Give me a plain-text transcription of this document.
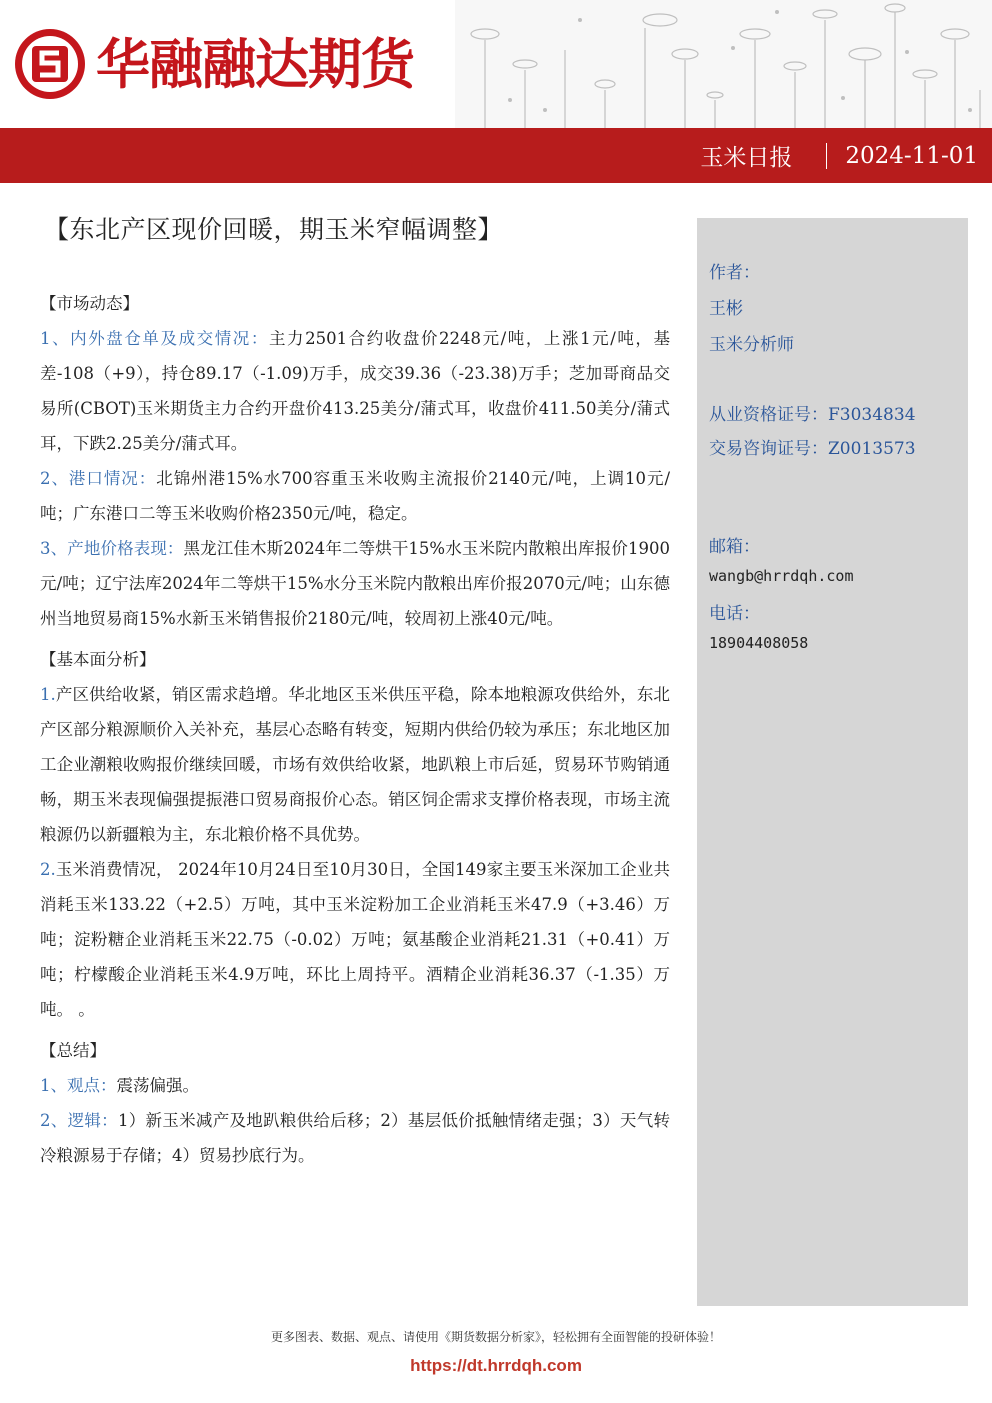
华融融达期货
玉米日报 2024-11-01
【东北产区现价回暖，期玉米窄幅调整】
【市场动态】

1、内外盘仓单及成交情况：主力2501合约收盘价2248元/吨，上涨1元/吨，基差-108（+9），持仓89.17（-1.09)万手，成交39.36（-23.38)万手；芝加哥商品交易所(CBOT)玉米期货主力合约开盘价413.25美分/蒲式耳，收盘价411.50美分/蒲式耳，下跌2.25美分/蒲式耳。

2、港口情况：北锦州港15%水700容重玉米收购主流报价2140元/吨，上调10元/吨；广东港口二等玉米收购价格2350元/吨，稳定。

3、产地价格表现：黑龙江佳木斯2024年二等烘干15%水玉米院内散粮出库报价1900元/吨；辽宁法库2024年二等烘干15%水分玉米院内散粮出库价报2070元/吨；山东德州当地贸易商15%水新玉米销售报价2180元/吨，较周初上涨40元/吨。

【基本面分析】

1.产区供给收紧，销区需求趋增。华北地区玉米供压平稳，除本地粮源攻供给外，东北产区部分粮源顺价入关补充，基层心态略有转变，短期内供给仍较为承压；东北地区加工企业潮粮收购报价继续回暖，市场有效供给收紧，地趴粮上市后延，贸易环节购销通畅，期玉米表现偏强提振港口贸易商报价心态。销区饲企需求支撑价格表现，市场主流粮源仍以新疆粮为主，东北粮价格不具优势。

2.玉米消费情况， 2024年10月24日至10月30日，全国149家主要玉米深加工企业共消耗玉米133.22（+2.5）万吨，其中玉米淀粉加工企业消耗玉米47.9（+3.46）万吨；淀粉糖企业消耗玉米22.75（-0.02）万吨；氨基酸企业消耗21.31（+0.41）万吨；柠檬酸企业消耗玉米4.9万吨，环比上周持平。酒精企业消耗36.37（-1.35）万吨。 。

【总结】

1、观点：震荡偏强。

2、逻辑：1）新玉米减产及地趴粮供给后移；2）基层低价抵触情绪走强；3）天气转冷粮源易于存储；4）贸易抄底行为。

作者：
王彬
玉米分析师
从业资格证号：F3034834
交易咨询证号：Z0013573
邮箱：
wangb@hrrdqh.com
电话：
18904408058
更多图表、数据、观点、请使用《期货数据分析家》，轻松拥有全面智能的投研体验！
https://dt.hrrdqh.com
